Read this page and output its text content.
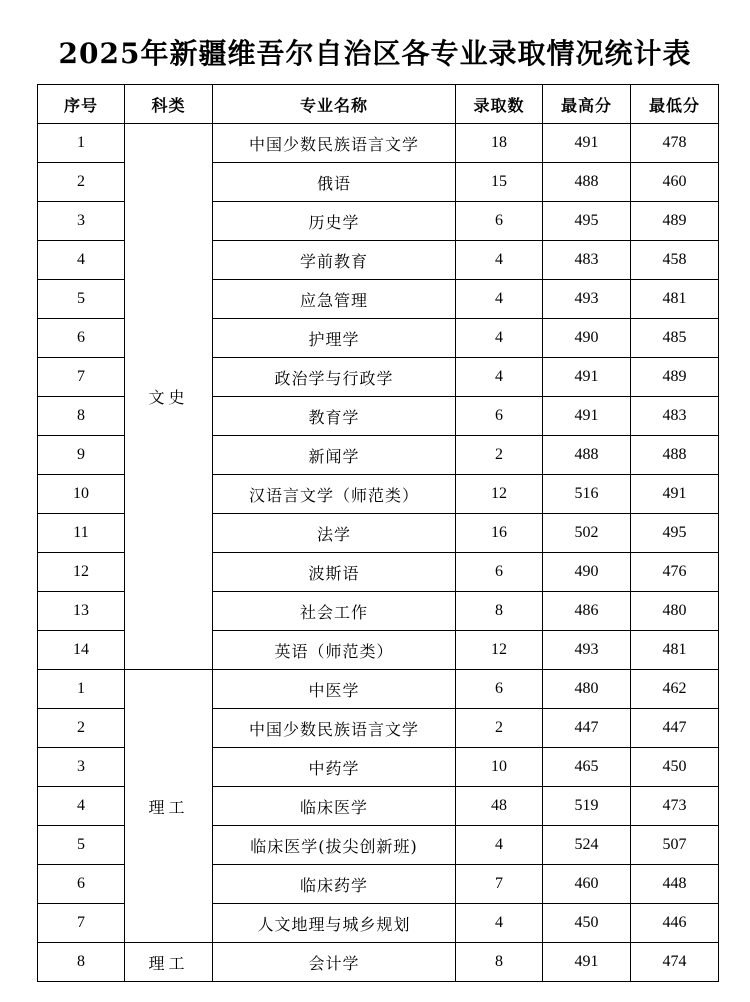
2025年新疆维吾尔自治区各专业录取情况统计表
序号	科类	专业名称	录取数	最高分	最低分
1	文史	中国少数民族语言文学	18	491	478
2		俄语	15	488	460
3		历史学	6	495	489
4		学前教育	4	483	458
5		应急管理	4	493	481
6		护理学	4	490	485
7		政治学与行政学	4	491	489
8		教育学	6	491	483
9		新闻学	2	488	488
10		汉语言文学（师范类）	12	516	491
11		法学	16	502	495
12		波斯语	6	490	476
13		社会工作	8	486	480
14		英语（师范类）	12	493	481
1	理工	中医学	6	480	462
2		中国少数民族语言文学	2	447	447
3		中药学	10	465	450
4		临床医学	48	519	473
5		临床医学(拔尖创新班)	4	524	507
6		临床药学	7	460	448
7		人文地理与城乡规划	4	450	446
8	理工	会计学	8	491	474
